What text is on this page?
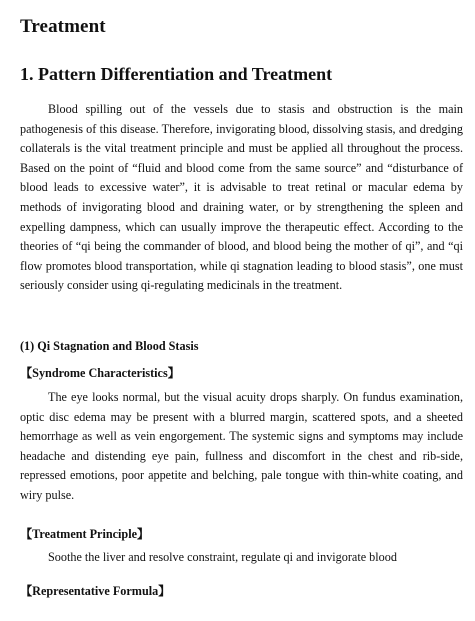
Treatment
1. Pattern Differentiation and Treatment

Blood spilling out of the vessels due to stasis and obstruction is the main pathogenesis of this disease. Therefore, invigorating blood, dissolving stasis, and dredging collaterals is the vital treatment principle and must be applied all throughout the process. Based on the point of “fluid and blood come from the same source” and “disturbance of blood leads to excessive water”, it is advisable to treat retinal or macular edema by methods of invigorating blood and draining water, or by strengthening the spleen and expelling dampness, which can usually improve the therapeutic effect. According to the theories of “qi being the commander of blood, and blood being the mother of qi”, and “qi flow promotes blood transportation, while qi stagnation leading to blood stasis”, one must seriously consider using qi-regulating medicinals in the treatment.

(1) Qi Stagnation and Blood Stasis

【Syndrome Characteristics】

The eye looks normal, but the visual acuity drops sharply. On fundus examination, optic disc edema may be present with a blurred margin, scattered spots, and a sheeted hemorrhage as well as vein engorgement. The systemic signs and symptoms may include headache and distending eye pain, fullness and discomfort in the chest and rib-side, repressed emotions, poor appetite and belching, pale tongue with thin-white coating, and wiry pulse.

【Treatment Principle】

Soothe the liver and resolve constraint, regulate qi and invigorate blood

【Representative Formula】
